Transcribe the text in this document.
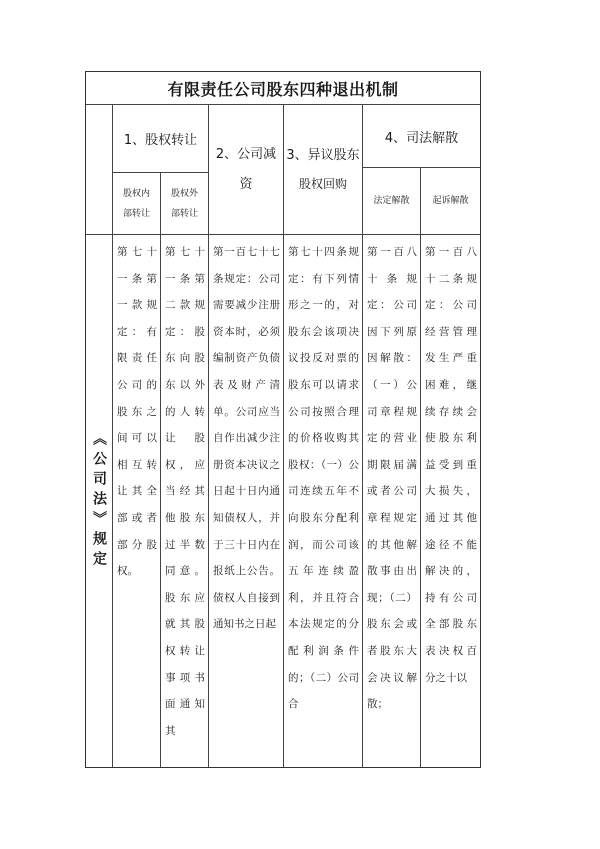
有限责任公司股东四种退出机制
1、股权转让
股权内部转让
股权外部转让
2、公司减
资
3、异议股东
股权回购
4、司法解散
法定解散	起诉解散
《公司法》规定
第七十一条第一款规定：有限责任公司的股东之间可以相互转让其全部或者部分股权。
第七十一条第二款规定：股东向股东以外的人转让股权，应当经其他股东过半数同意。股东应就其股权转让事项书面通知其
第一百七十七条规定：公司需要减少注册资本时，必须编制资产负债表及财产清单。公司应当自作出减少注册资本决议之日起十日内通知债权人，并于三十日内在报纸上公告。债权人自接到通知书之日起
第七十四条规定：有下列情形之一的，对股东会该项决议投反对票的股东可以请求公司按照合理的价格收购其股权：（一）公司连续五年不向股东分配利润，而公司该五年连续盈利，并且符合本法规定的分配利润条件的；（二）公司合
第一百八十条规定：公司因下列原因解散：（一）公司章程规定的营业期限届满或者公司章程规定的其他解散事由出现；（二）股东会或者股东大会决议解散；
第一百八十二条规定：公司经营管理发生严重困难，继续存续会使股东利益受到重大损失，通过其他途径不能解决的，持有公司全部股东表决权百分之十以
